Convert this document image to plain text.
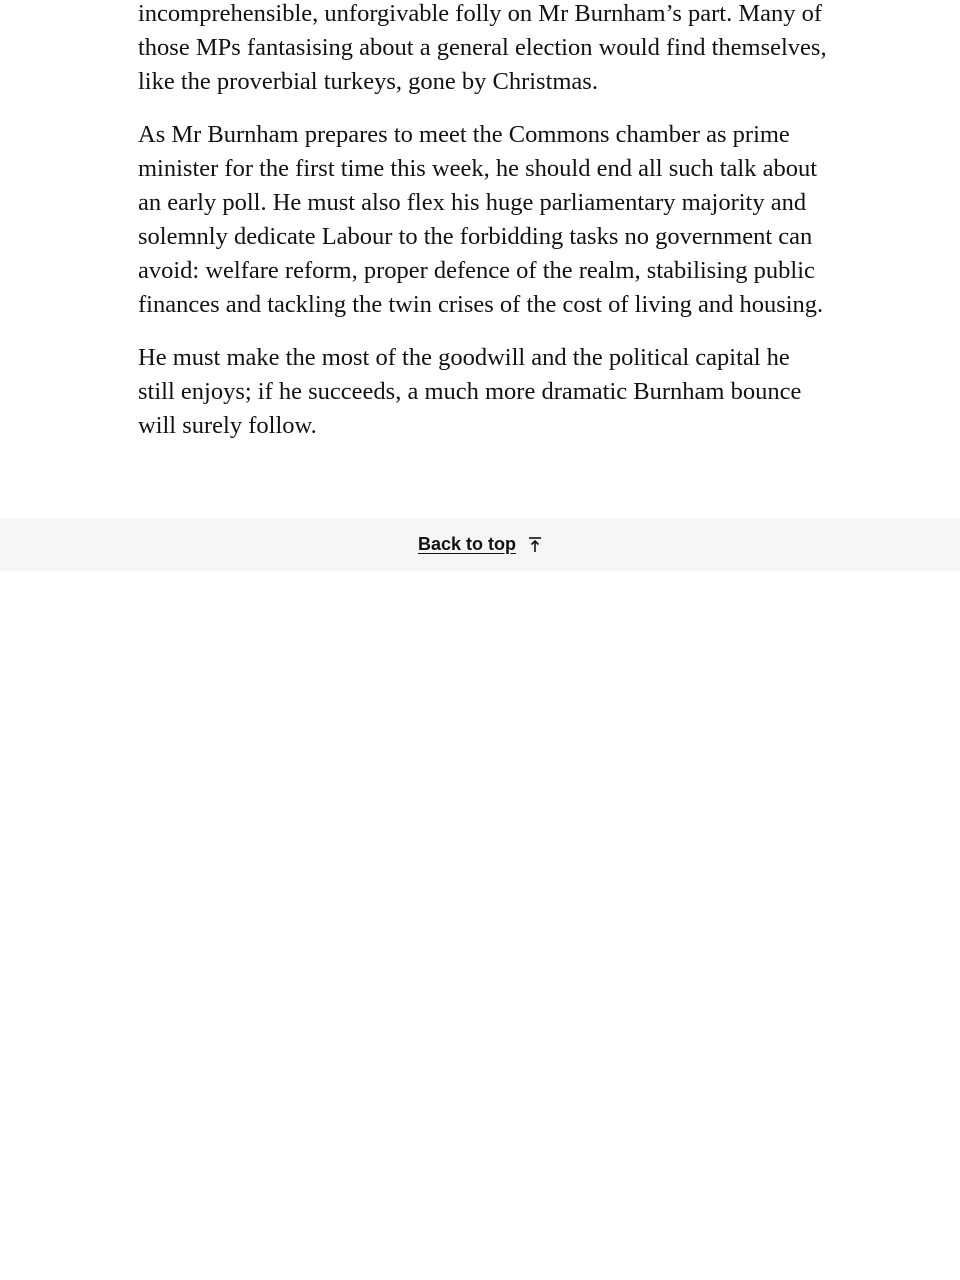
incomprehensible, unforgivable folly on Mr Burnham’s part. Many of those MPs fantasising about a general election would find themselves, like the proverbial turkeys, gone by Christmas.

As Mr Burnham prepares to meet the Commons chamber as prime minister for the first time this week, he should end all such talk about an early poll. He must also flex his huge parliamentary majority and solemnly dedicate Labour to the forbidding tasks no government can avoid: welfare reform, proper defence of the realm, stabilising public finances and tackling the twin crises of the cost of living and housing.

He must make the most of the goodwill and the political capital he still enjoys; if he succeeds, a much more dramatic Burnham bounce will surely follow.

Back to top
